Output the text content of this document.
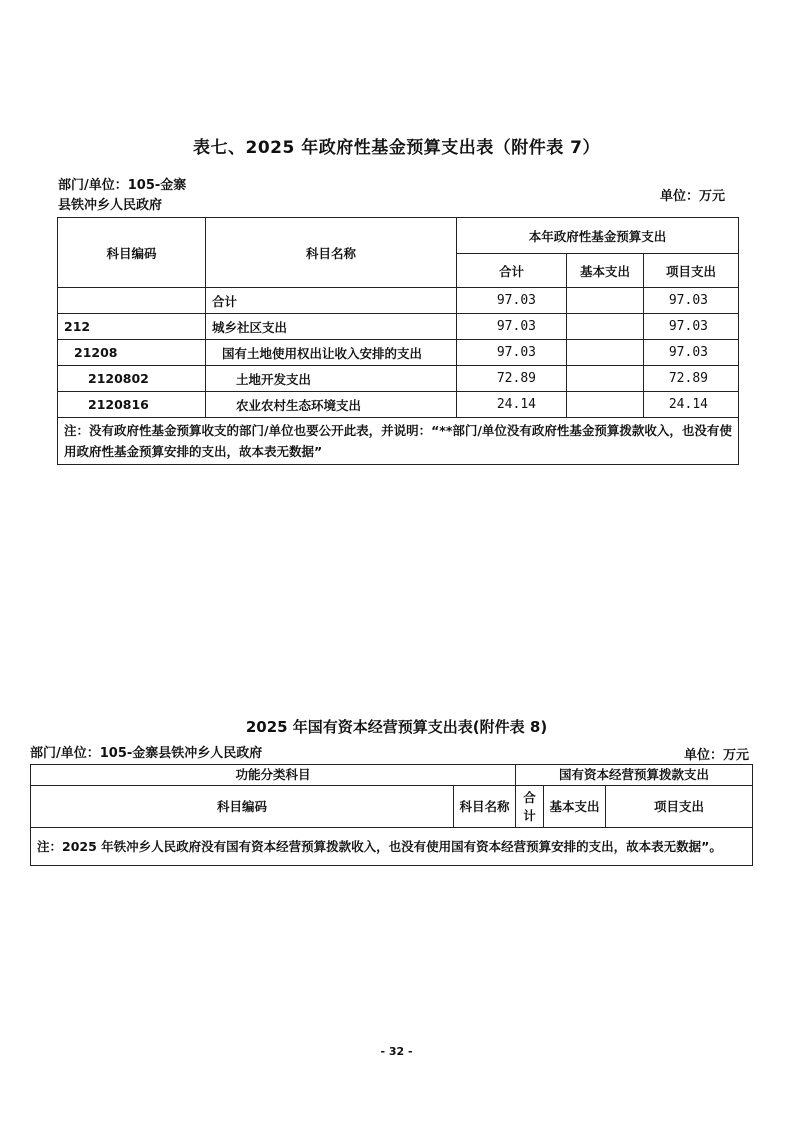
表七、2025 年政府性基金预算支出表（附件表 7）
部门/单位：105-金寨
县铁冲乡人民政府
单位：万元
科目编码	科目名称	本年政府性基金预算支出		
		合计	基本支出	项目支出
	合计	97.03		97.03
212	城乡社区支出	97.03		97.03
21208	国有土地使用权出让收入安排的支出	97.03		97.03
2120802	土地开发支出	72.89		72.89
2120816	农业农村生态环境支出	24.14		24.14
注：没有政府性基金预算收支的部门/单位也要公开此表，并说明：“**部门/单位没有政府性基金预算拨款收入，也没有使用政府性基金预算安排的支出，故本表无数据”				
2025 年国有资本经营预算支出表(附件表 8)
部门/单位：105-金寨县铁冲乡人民政府	单位：万元
功能分类科目		国有资本经营预算拨款支出		
科目编码	科目名称	合计	基本支出	项目支出
注：2025 年铁冲乡人民政府没有国有资本经营预算拨款收入，也没有使用国有资本经营预算安排的支出，故本表无数据”。				
- 32 -
